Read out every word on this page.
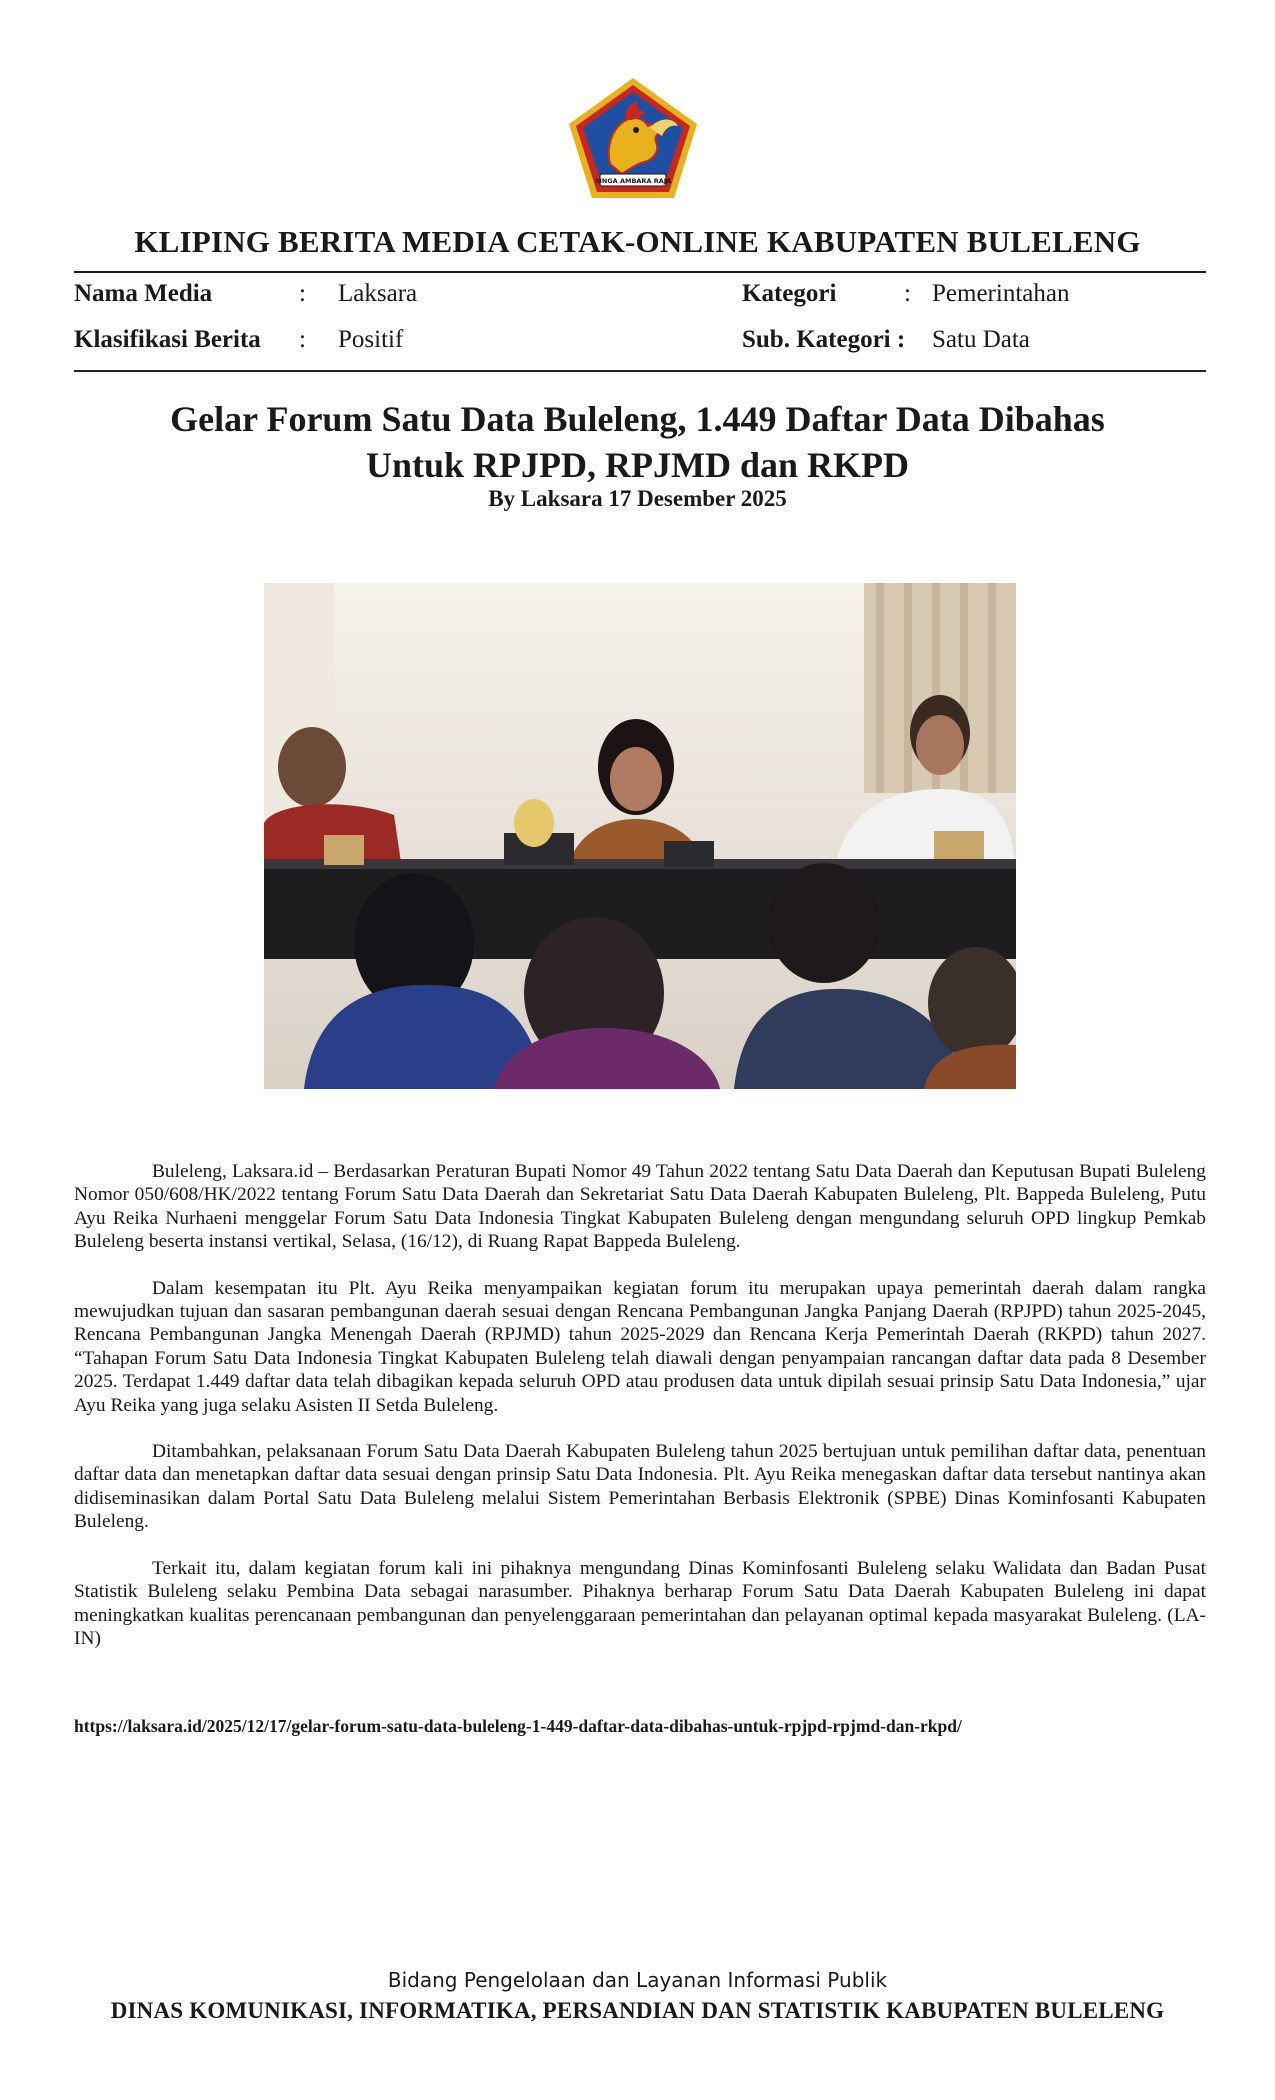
SINGA AMBARA RAJA
KLIPING BERITA MEDIA CETAK-ONLINE KABUPATEN BULELENG
Nama Media	: Laksara	Kategori	: Pemerintahan
Klasifikasi Berita : Positif	Sub. Kategori : Satu Data
Gelar Forum Satu Data Buleleng, 1.449 Daftar Data Dibahas
Untuk RPJPD, RPJMD dan RKPD
By Laksara 17 Desember 2025

Buleleng, Laksara.id – Berdasarkan Peraturan Bupati Nomor 49 Tahun 2022 tentang Satu Data Daerah dan Keputusan Bupati Buleleng Nomor 050/608/HK/2022 tentang Forum Satu Data Daerah dan Sekretariat Satu Data Daerah Kabupaten Buleleng, Plt. Bappeda Buleleng, Putu Ayu Reika Nurhaeni menggelar Forum Satu Data Indonesia Tingkat Kabupaten Buleleng dengan mengundang seluruh OPD lingkup Pemkab Buleleng beserta instansi vertikal, Selasa, (16/12), di Ruang Rapat Bappeda Buleleng.

Dalam kesempatan itu Plt. Ayu Reika menyampaikan kegiatan forum itu merupakan upaya pemerintah daerah dalam rangka mewujudkan tujuan dan sasaran pembangunan daerah sesuai dengan Rencana Pembangunan Jangka Panjang Daerah (RPJPD) tahun 2025-2045, Rencana Pembangunan Jangka Menengah Daerah (RPJMD) tahun 2025-2029 dan Rencana Kerja Pemerintah Daerah (RKPD) tahun 2027. “Tahapan Forum Satu Data Indonesia Tingkat Kabupaten Buleleng telah diawali dengan penyampaian rancangan daftar data pada 8 Desember 2025. Terdapat 1.449 daftar data telah dibagikan kepada seluruh OPD atau produsen data untuk dipilah sesuai prinsip Satu Data Indonesia,” ujar Ayu Reika yang juga selaku Asisten II Setda Buleleng.

Ditambahkan, pelaksanaan Forum Satu Data Daerah Kabupaten Buleleng tahun 2025 bertujuan untuk pemilihan daftar data, penentuan daftar data dan menetapkan daftar data sesuai dengan prinsip Satu Data Indonesia. Plt. Ayu Reika menegaskan daftar data tersebut nantinya akan didiseminasikan dalam Portal Satu Data Buleleng melalui Sistem Pemerintahan Berbasis Elektronik (SPBE) Dinas Kominfosanti Kabupaten Buleleng.

Terkait itu, dalam kegiatan forum kali ini pihaknya mengundang Dinas Kominfosanti Buleleng selaku Walidata dan Badan Pusat Statistik Buleleng selaku Pembina Data sebagai narasumber. Pihaknya berharap Forum Satu Data Daerah Kabupaten Buleleng ini dapat meningkatkan kualitas perencanaan pembangunan dan penyelenggaraan pemerintahan dan pelayanan optimal kepada masyarakat Buleleng. (LA-IN)

https://laksara.id/2025/12/17/gelar-forum-satu-data-buleleng-1-449-daftar-data-dibahas-untuk-rpjpd-rpjmd-dan-rkpd/
Bidang Pengelolaan dan Layanan Informasi Publik
DINAS KOMUNIKASI, INFORMATIKA, PERSANDIAN DAN STATISTIK KABUPATEN BULELENG
